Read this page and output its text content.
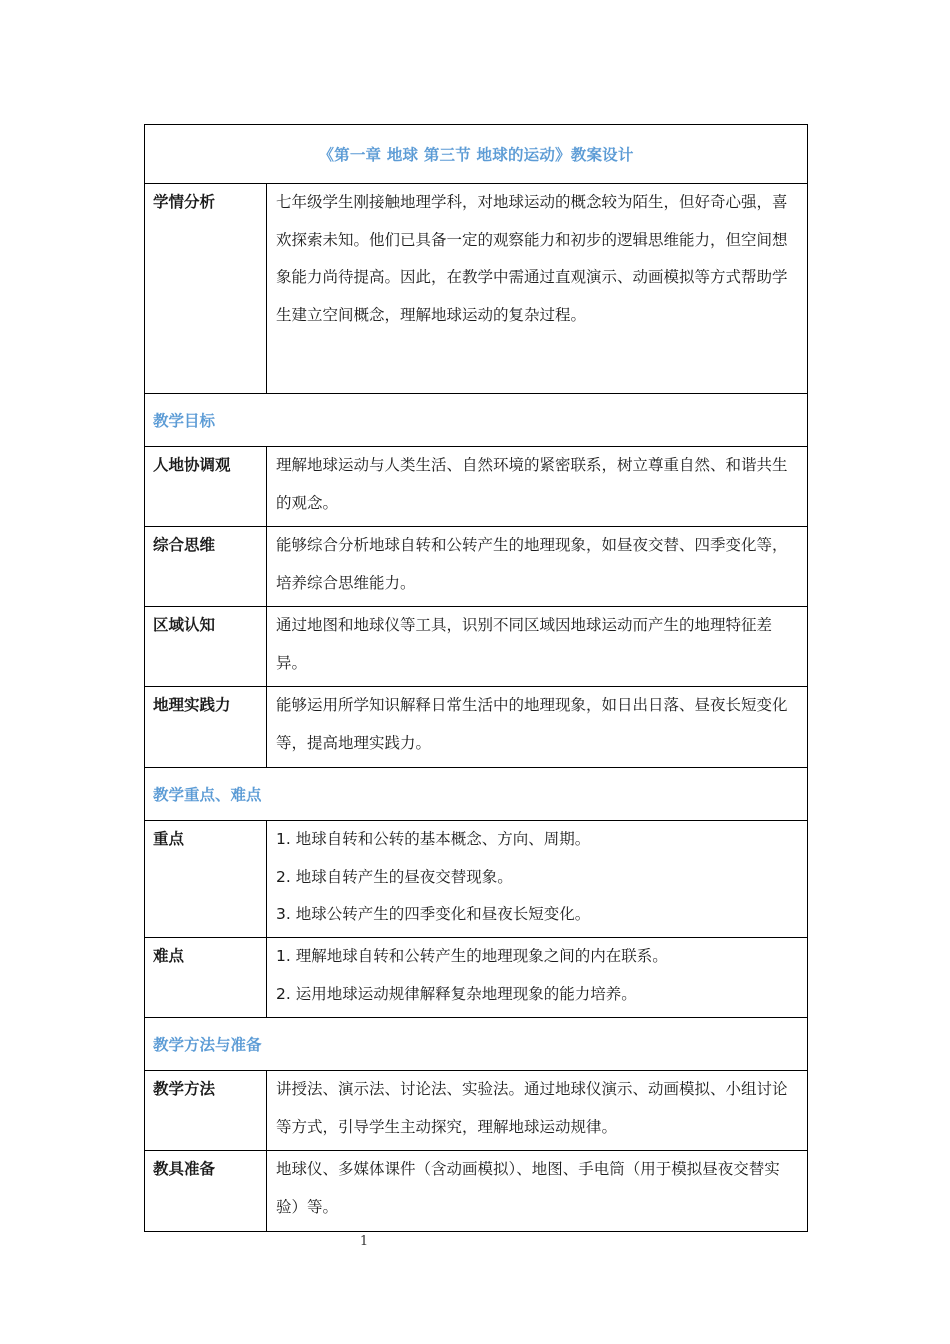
《第一章 地球 第三节 地球的运动》教案设计	
学情分析	七年级学生刚接触地理学科，对地球运动的概念较为陌生，但好奇心强，喜欢探索未知。他们已具备一定的观察能力和初步的逻辑思维能力，但空间想象能力尚待提高。因此，在教学中需通过直观演示、动画模拟等方式帮助学生建立空间概念，理解地球运动的复杂过程。
教学目标	
人地协调观	理解地球运动与人类生活、自然环境的紧密联系，树立尊重自然、和谐共生的观念。
综合思维	能够综合分析地球自转和公转产生的地理现象，如昼夜交替、四季变化等，培养综合思维能力。
区域认知	通过地图和地球仪等工具，识别不同区域因地球运动而产生的地理特征差异。
地理实践力	能够运用所学知识解释日常生活中的地理现象，如日出日落、昼夜长短变化等，提高地理实践力。
教学重点、难点	
重点	1. 地球自转和公转的基本概念、方向、周期。

2. 地球自转产生的昼夜交替现象。

3. 地球公转产生的四季变化和昼夜长短变化。

难点	1. 理解地球自转和公转产生的地理现象之间的内在联系。

2. 运用地球运动规律解释复杂地理现象的能力培养。

教学方法与准备	
教学方法	讲授法、演示法、讨论法、实验法。通过地球仪演示、动画模拟、小组讨论等方式，引导学生主动探究，理解地球运动规律。
教具准备	地球仪、多媒体课件（含动画模拟）、地图、手电筒（用于模拟昼夜交替实验）等。
1
